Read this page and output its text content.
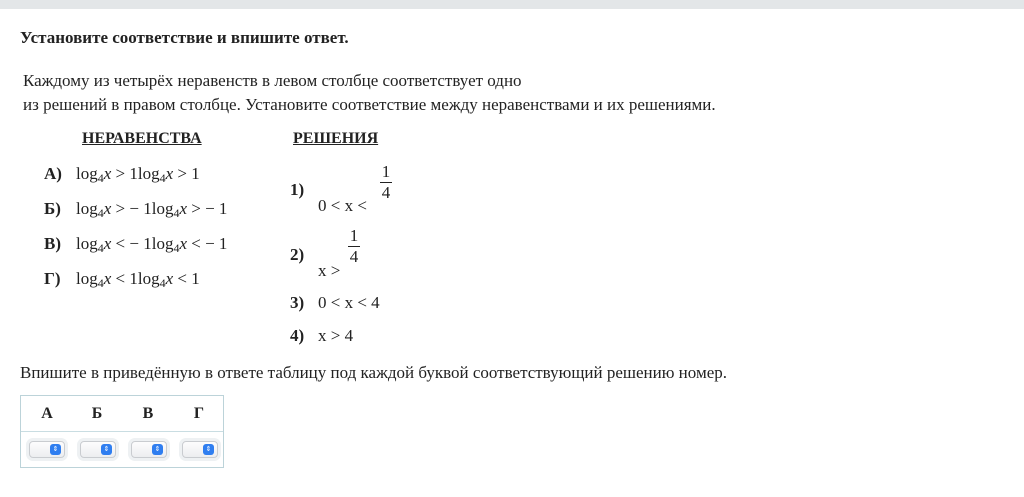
Установите соответствие и впишите ответ.
Каждому из четырёх неравенств в левом столбце соответствует одно
из решений в правом столбце. Установите соответствие между неравенствами и их решениями.
НЕРАВЕНСТВА	РЕШЕНИЯ
А) $\log_4x > 1\log_4x > 1$
Б) $\log_4x$ > − $1\log_4x$ > − 1
В) $\log_4x$ < − $1\log_4x$ < − 1
Г) $\log_4x < 1\log_4x < 1$
1)
0 < x <
1
4
2)
x >
1
4
3) 0 < x < 4
4) x > 4
Впишите в приведённую в ответе таблицу под каждой буквой соответствующий решению номер.
А	Б	В	Г
⇕	⇕	⇕	⇕
